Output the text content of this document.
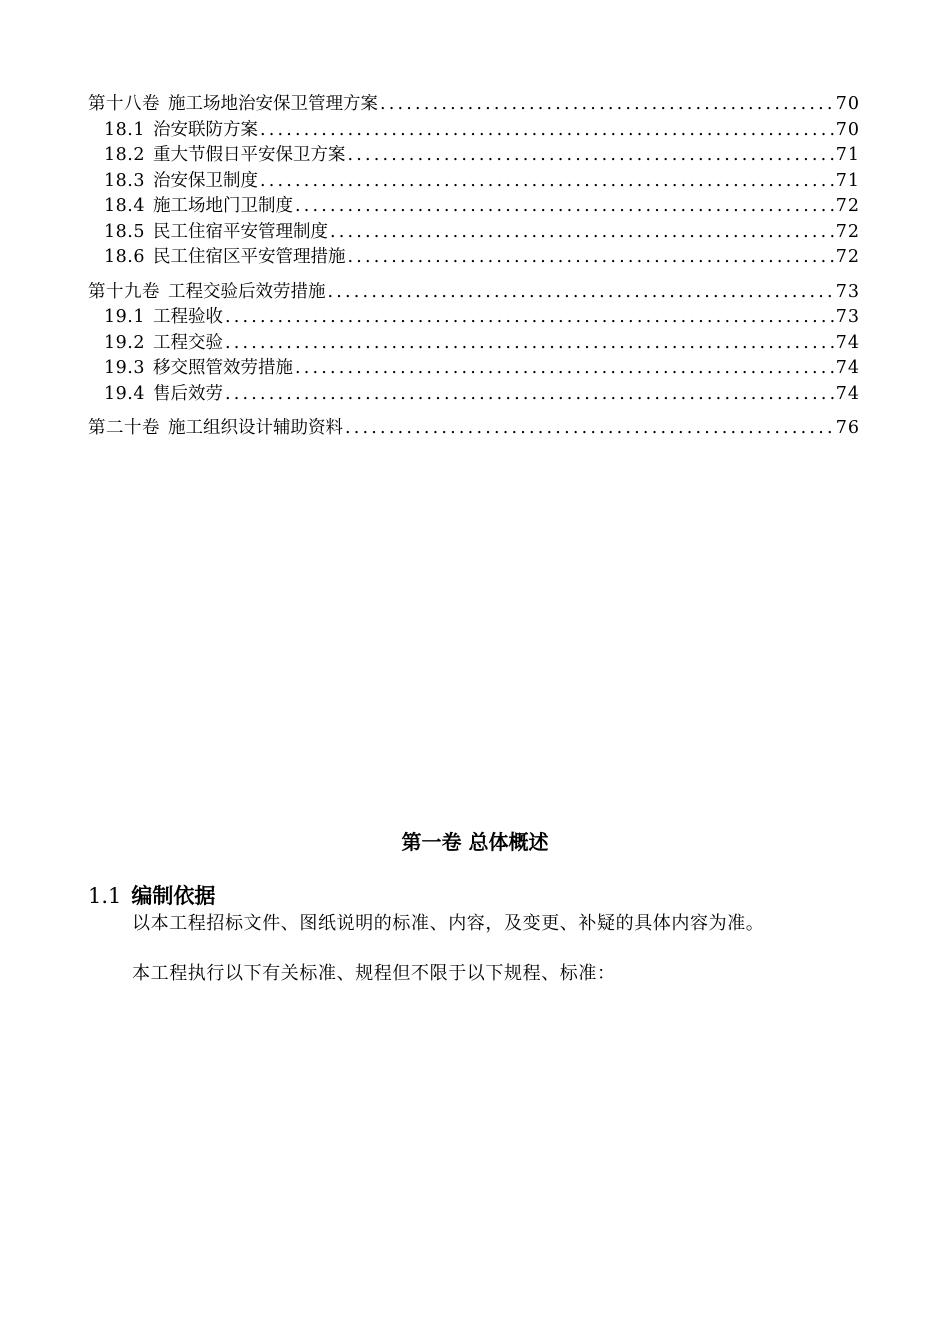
第十八卷 施工场地治安保卫管理方案 .....	70
18.1 治安联防方案 .....	70
18.2 重大节假日平安保卫方案 .....	71
18.3 治安保卫制度 .....	71
18.4 施工场地门卫制度 .....	72
18.5 民工住宿平安管理制度 .....	72
18.6 民工住宿区平安管理措施 .....	72
第十九卷 工程交验后效劳措施 .....	73
19.1 工程验收 .....	73
19.2 工程交验 .....	74
19.3 移交照管效劳措施 .....	74
19.4 售后效劳 .....	74
第二十卷 施工组织设计辅助资料 .....	76
第一卷 总体概述
1.1 编制依据
以本工程招标文件、图纸说明的标准、内容，及变更、补疑的具体内容为准。
本工程执行以下有关标准、规程但不限于以下规程、标准：
